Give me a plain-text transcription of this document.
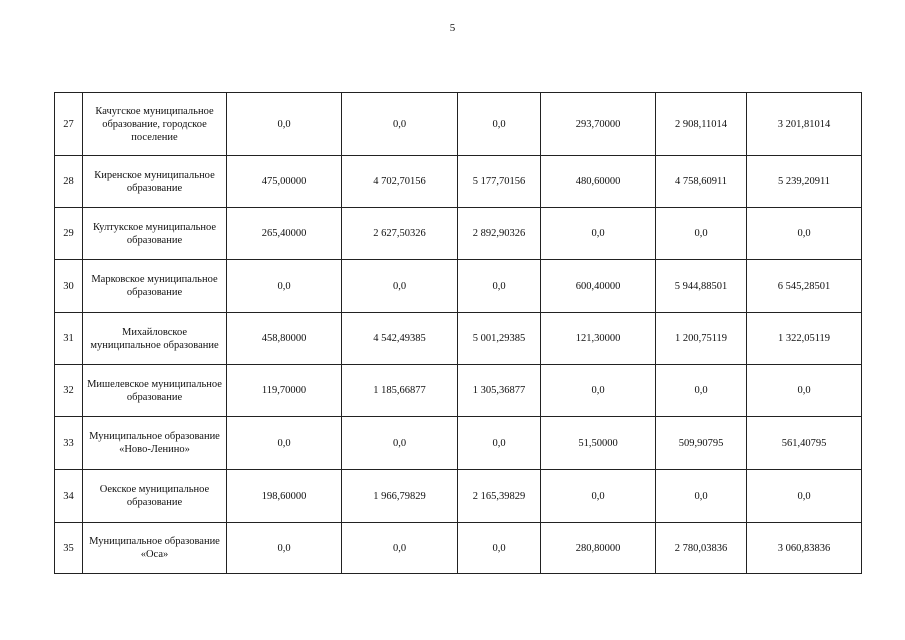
5
27	Качугское муниципальное образование, городское поселение	0,0	0,0	0,0	293,70000	2 908,11014	3 201,81014
28	Киренское муниципальное образование	475,00000	4 702,70156	5 177,70156	480,60000	4 758,60911	5 239,20911
29	Култукское муниципальное образование	265,40000	2 627,50326	2 892,90326	0,0	0,0	0,0
30	Марковское муниципальное образование	0,0	0,0	0,0	600,40000	5 944,88501	6 545,28501
31	Михайловское муниципальное образование	458,80000	4 542,49385	5 001,29385	121,30000	1 200,75119	1 322,05119
32	Мишелевское муниципальное образование	119,70000	1 185,66877	1 305,36877	0,0	0,0	0,0
33	Муниципальное образование «Ново-Ленино»	0,0	0,0	0,0	51,50000	509,90795	561,40795
34	Оекское муниципальное образование	198,60000	1 966,79829	2 165,39829	0,0	0,0	0,0
35	Муниципальное образование «Оса»	0,0	0,0	0,0	280,80000	2 780,03836	3 060,83836
